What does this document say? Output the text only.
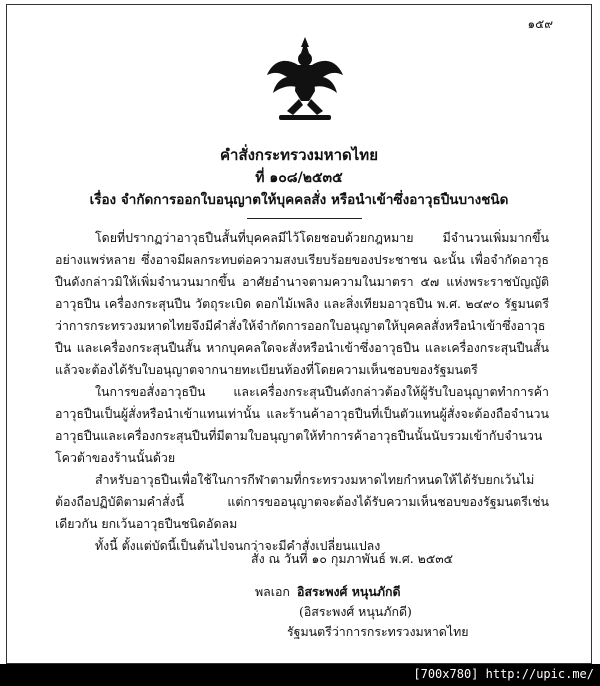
๑๕๙
คำสั่งกระทรวงมหาดไทย
ที่ ๑๐๘/๒๕๓๕
เรื่อง จำกัดการออกใบอนุญาตให้บุคคลสั่ง หรือนำเข้าซึ่งอาวุธปืนบางชนิด

โดยที่ปรากฏว่าอาวุธปืนสั้นที่บุคคลมีไว้โดยชอบด้วยกฎหมาย มีจำนวนเพิ่มมากขึ้นอย่างแพร่หลาย ซึ่งอาจมีผลกระทบต่อความสงบเรียบร้อยของประชาชน ฉะนั้น เพื่อจำกัดอาวุธปืนดังกล่าวมิให้เพิ่มจำนวนมากขึ้น อาศัยอำนาจตามความในมาตรา ๕๗ แห่งพระราชบัญญัติอาวุธปืน เครื่องกระสุนปืน วัตถุระเบิด ดอกไม้เพลิง และสิ่งเทียมอาวุธปืน พ.ศ. ๒๔๙๐ รัฐมนตรีว่าการกระทรวงมหาดไทยจึงมีคำสั่งให้จำกัดการออกใบอนุญาตให้บุคคลสั่งหรือนำเข้าซึ่งอาวุธปืน และเครื่องกระสุนปืนสั้น หากบุคคลใดจะสั่งหรือนำเข้าซึ่งอาวุธปืน และเครื่องกระสุนปืนสั้นแล้วจะต้องได้รับใบอนุญาตจากนายทะเบียนท้องที่โดยความเห็นชอบของรัฐมนตรี

ในการขอสั่งอาวุธปืน และเครื่องกระสุนปืนดังกล่าวต้องให้ผู้รับใบอนุญาตทำการค้าอาวุธปืนเป็นผู้สั่งหรือนำเข้าแทนเท่านั้น และร้านค้าอาวุธปืนที่เป็นตัวแทนผู้สั่งจะต้องถือจำนวนอาวุธปืนและเครื่องกระสุนปืนที่มีตามใบอนุญาตให้ทำการค้าอาวุธปืนนั้นนับรวมเข้ากับจำนวนโควต้าของร้านนั้นด้วย

สำหรับอาวุธปืนเพื่อใช้ในการกีฬาตามที่กระทรวงมหาดไทยกำหนดให้ได้รับยกเว้นไม่ต้องถือปฏิบัติตามคำสั่งนี้ แต่การขออนุญาตจะต้องได้รับความเห็นชอบของรัฐมนตรีเช่นเดียวกัน ยกเว้นอาวุธปืนชนิดอัดลม

ทั้งนี้ ตั้งแต่บัดนี้เป็นต้นไปจนกว่าจะมีคำสั่งเปลี่ยนแปลง

สั่ง ณ วันที่ ๑๐ กุมภาพันธ์ พ.ศ. ๒๕๓๕
พลเอก อิสระพงศ์ หนุนภักดี
(อิสระพงศ์ หนุนภักดี)
รัฐมนตรีว่าการกระทรวงมหาดไทย
[700x780] http://upic.me/
